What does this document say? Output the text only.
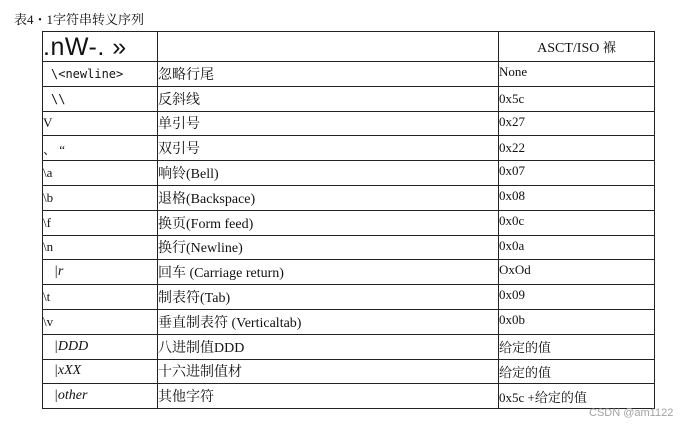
表4・1字符串转义序列
.nW-. »		ASCT/ISO 褓
\<newline>	忽略行尾	None
\\	反斜线	0x5c
V	单引号	0x27
、 “	双引号	0x22
\a	响铃(Bell)	0x07
\b	退格(Backspace)	0x08
\f	换页(Form feed)	0x0c
\n	换行(Newline)	0x0a
|r	回车 (Carriage return)	OxOd
\t	制表符(Tab)	0x09
\v	垂直制表符 (Verticaltab)	0x0b
|DDD	八进制值DDD	给定的值
|xXX	十六进制值材	给定的值
|other	其他字符	0x5c +给定的值
CSDN @am1122
